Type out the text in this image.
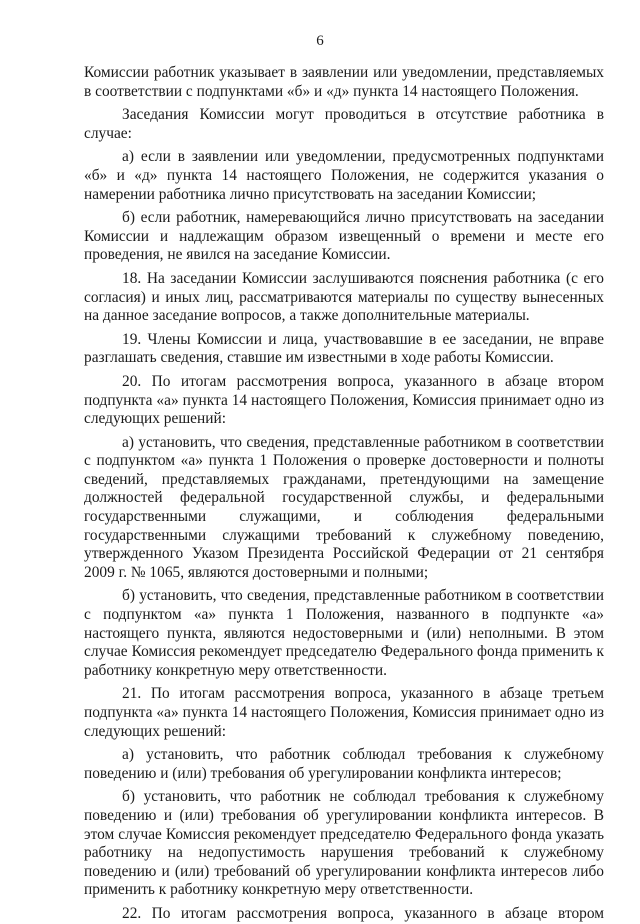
6

Комиссии работник указывает в заявлении или уведомлении, представляемых в соответствии с подпунктами «б» и «д» пункта 14 настоящего Положения.

Заседания Комиссии могут проводиться в отсутствие работника в случае:

а) если в заявлении или уведомлении, предусмотренных подпунктами «б» и «д» пункта 14 настоящего Положения, не содержится указания о намерении работника лично присутствовать на заседании Комиссии;

б) если работник, намеревающийся лично присутствовать на заседании Комиссии и надлежащим образом извещенный о времени и месте его проведения, не явился на заседание Комиссии.

18. На заседании Комиссии заслушиваются пояснения работника (с его согласия) и иных лиц, рассматриваются материалы по существу вынесенных на данное заседание вопросов, а также дополнительные материалы.

19. Члены Комиссии и лица, участвовавшие в ее заседании, не вправе разглашать сведения, ставшие им известными в ходе работы Комиссии.

20. По итогам рассмотрения вопроса, указанного в абзаце втором подпункта «а» пункта 14 настоящего Положения, Комиссия принимает одно из следующих решений:

а) установить, что сведения, представленные работником в соответствии с подпунктом «а» пункта 1 Положения о проверке достоверности и полноты сведений, представляемых гражданами, претендующими на замещение должностей федеральной государственной службы, и федеральными государственными служащими, и соблюдения федеральными государственными служащими требований к служебному поведению, утвержденного Указом Президента Российской Федерации от 21 сентября 2009 г. № 1065, являются достоверными и полными;

б) установить, что сведения, представленные работником в соответствии с подпунктом «а» пункта 1 Положения, названного в подпункте «а» настоящего пункта, являются недостоверными и (или) неполными. В этом случае Комиссия рекомендует председателю Федерального фонда применить к работнику конкретную меру ответственности.

21. По итогам рассмотрения вопроса, указанного в абзаце третьем подпункта «а» пункта 14 настоящего Положения, Комиссия принимает одно из следующих решений:

а) установить, что работник соблюдал требования к служебному поведению и (или) требования об урегулировании конфликта интересов;

б) установить, что работник не соблюдал требования к служебному поведению и (или) требования об урегулировании конфликта интересов. В этом случае Комиссия рекомендует председателю Федерального фонда указать работнику на недопустимость нарушения требований к служебному поведению и (или) требований об урегулировании конфликта интересов либо применить к работнику конкретную меру ответственности.

22. По итогам рассмотрения вопроса, указанного в абзаце втором
